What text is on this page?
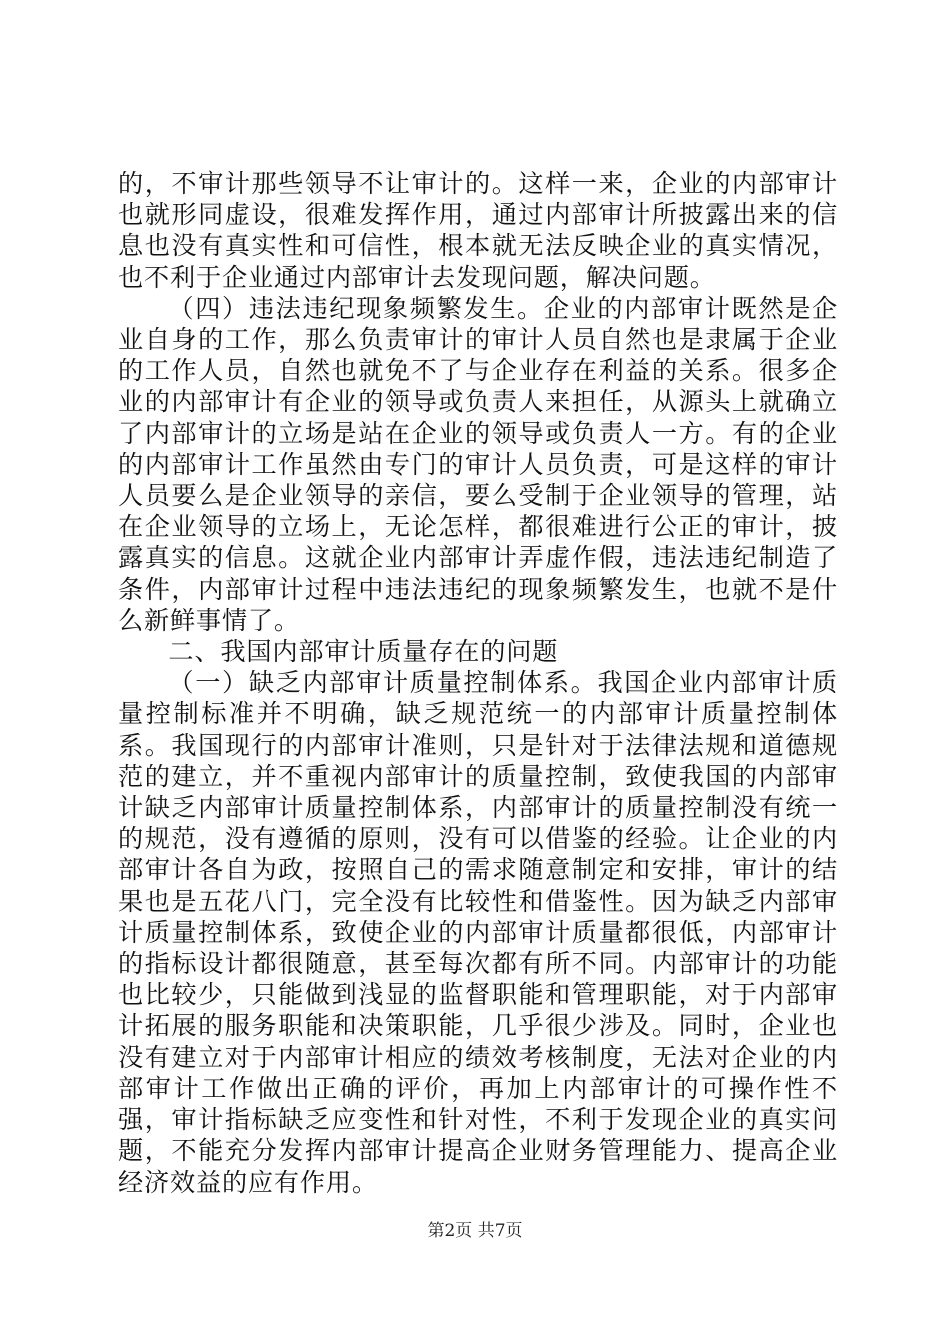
的，不审计那些领导不让审计的。这样一来，企业的内部审计也就形同虚设，很难发挥作用，通过内部审计所披露出来的信息也没有真实性和可信性，根本就无法反映企业的真实情况，也不利于企业通过内部审计去发现问题，解决问题。

（四）违法违纪现象频繁发生。企业的内部审计既然是企业自身的工作，那么负责审计的审计人员自然也是隶属于企业的工作人员，自然也就免不了与企业存在利益的关系。很多企业的内部审计有企业的领导或负责人来担任，从源头上就确立了内部审计的立场是站在企业的领导或负责人一方。有的企业的内部审计工作虽然由专门的审计人员负责，可是这样的审计人员要么是企业领导的亲信，要么受制于企业领导的管理，站在企业领导的立场上，无论怎样，都很难进行公正的审计，披露真实的信息。这就企业内部审计弄虚作假，违法违纪制造了条件，内部审计过程中违法违纪的现象频繁发生，也就不是什么新鲜事情了。

二、我国内部审计质量存在的问题

（一）缺乏内部审计质量控制体系。我国企业内部审计质量控制标准并不明确，缺乏规范统一的内部审计质量控制体系。我国现行的内部审计准则，只是针对于法律法规和道德规范的建立，并不重视内部审计的质量控制，致使我国的内部审计缺乏内部审计质量控制体系，内部审计的质量控制没有统一的规范，没有遵循的原则，没有可以借鉴的经验。让企业的内部审计各自为政，按照自己的需求随意制定和安排，审计的结果也是五花八门，完全没有比较性和借鉴性。因为缺乏内部审计质量控制体系，致使企业的内部审计质量都很低，内部审计的指标设计都很随意，甚至每次都有所不同。内部审计的功能也比较少，只能做到浅显的监督职能和管理职能，对于内部审计拓展的服务职能和决策职能，几乎很少涉及。同时，企业也没有建立对于内部审计相应的绩效考核制度，无法对企业的内部审计工作做出正确的评价，再加上内部审计的可操作性不强，审计指标缺乏应变性和针对性，不利于发现企业的真实问题，不能充分发挥内部审计提高企业财务管理能力、提高企业经济效益的应有作用。

第2页 共7页
